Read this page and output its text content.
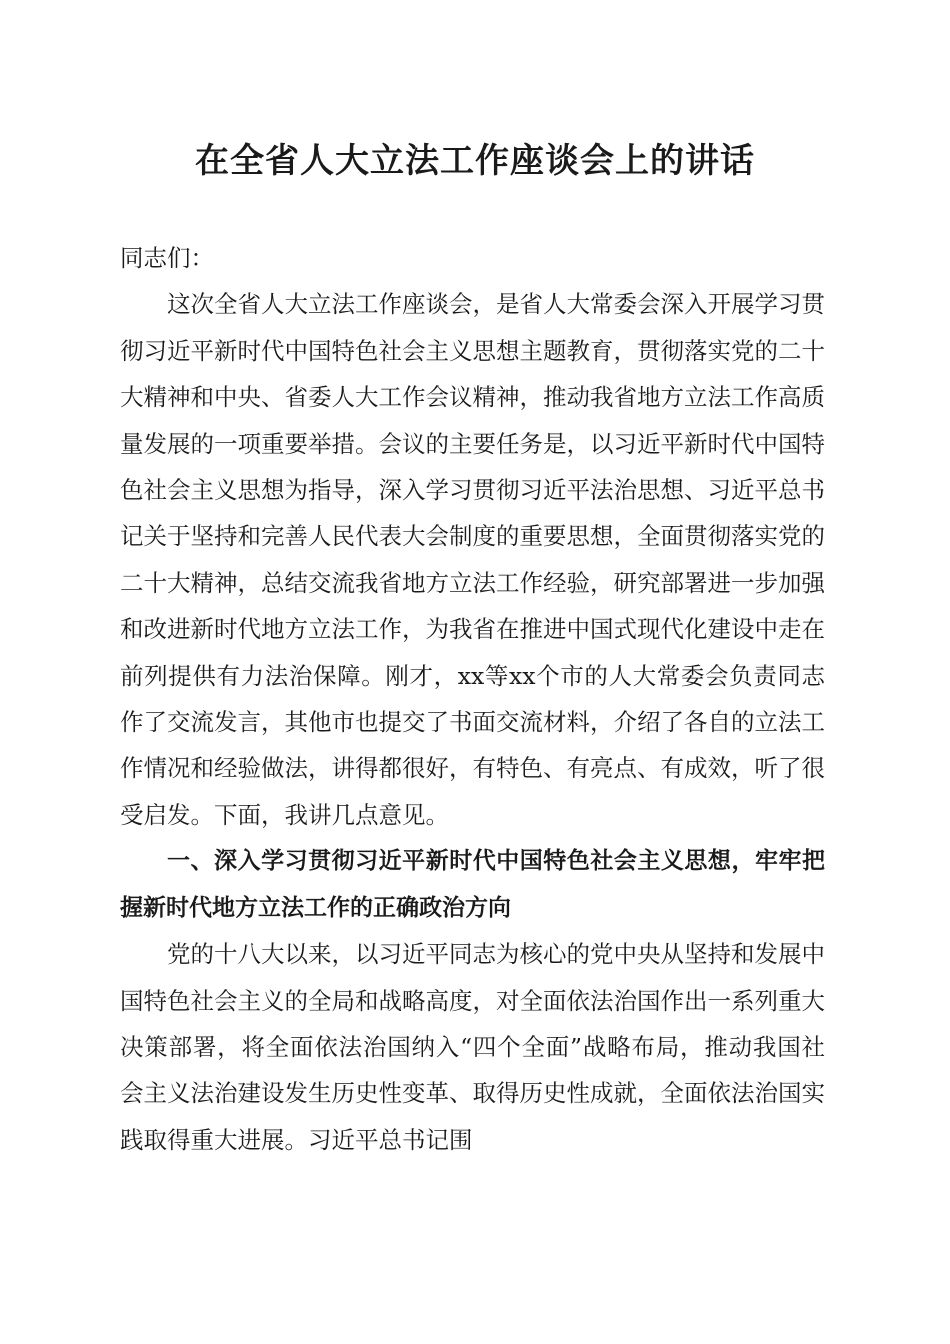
在全省人大立法工作座谈会上的讲话

同志们：

这次全省人大立法工作座谈会，是省人大常委会深入开展学习贯彻习近平新时代中国特色社会主义思想主题教育，贯彻落实党的二十大精神和中央、省委人大工作会议精神，推动我省地方立法工作高质量发展的一项重要举措。会议的主要任务是，以习近平新时代中国特色社会主义思想为指导，深入学习贯彻习近平法治思想、习近平总书记关于坚持和完善人民代表大会制度的重要思想，全面贯彻落实党的二十大精神，总结交流我省地方立法工作经验，研究部署进一步加强和改进新时代地方立法工作，为我省在推进中国式现代化建设中走在前列提供有力法治保障。刚才，xx等xx个市的人大常委会负责同志作了交流发言，其他市也提交了书面交流材料，介绍了各自的立法工作情况和经验做法，讲得都很好，有特色、有亮点、有成效，听了很受启发。下面，我讲几点意见。

一、深入学习贯彻习近平新时代中国特色社会主义思想，牢牢把握新时代地方立法工作的正确政治方向

党的十八大以来，以习近平同志为核心的党中央从坚持和发展中国特色社会主义的全局和战略高度，对全面依法治国作出一系列重大决策部署，将全面依法治国纳入“四个全面”战略布局，推动我国社会主义法治建设发生历史性变革、取得历史性成就，全面依法治国实践取得重大进展。习近平总书记围
